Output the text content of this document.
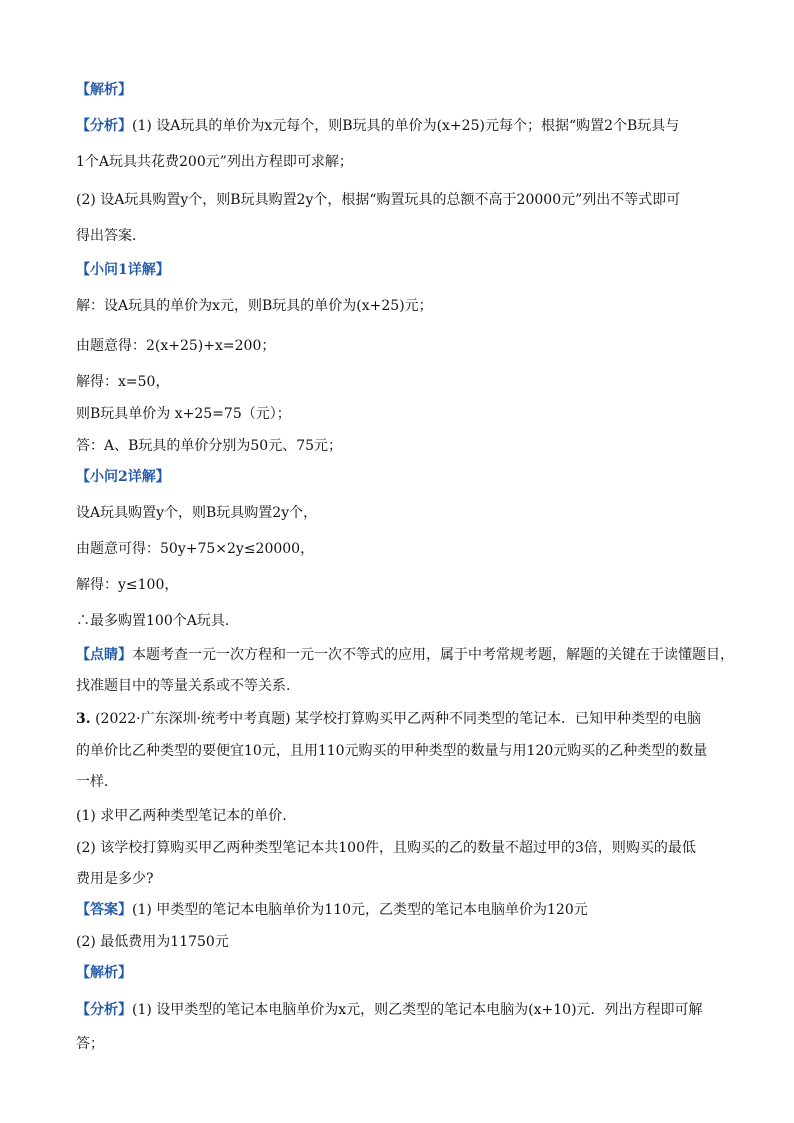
【解析】
【分析】(1) 设A玩具的单价为x元每个，则B玩具的单价为(x+25)元每个；根据“购置2个B玩具与
1个A玩具共花费200元”列出方程即可求解；
(2) 设A玩具购置y个，则B玩具购置2y个，根据“购置玩具的总额不高于20000元”列出不等式即可
得出答案.
【小问1详解】
解：设A玩具的单价为x元，则B玩具的单价为(x+25)元；
由题意得：2(x+25)+x=200；
解得：x=50，
则B玩具单价为 x+25=75（元）；
答：A、B玩具的单价分别为50元、75元；
【小问2详解】
设A玩具购置y个，则B玩具购置2y个，
由题意可得：50y+75×2y≤20000，
解得：y≤100，
∴最多购置100个A玩具.
【点睛】本题考查一元一次方程和一元一次不等式的应用，属于中考常规考题，解题的关键在于读懂题目，
找准题目中的等量关系或不等关系.
3. (2022·广东深圳·统考中考真题) 某学校打算购买甲乙两种不同类型的笔记本．已知甲种类型的电脑
的单价比乙种类型的要便宜10元，且用110元购买的甲种类型的数量与用120元购买的乙种类型的数量
一样．
(1) 求甲乙两种类型笔记本的单价.
(2) 该学校打算购买甲乙两种类型笔记本共100件，且购买的乙的数量不超过甲的3倍，则购买的最低
费用是多少?
【答案】(1) 甲类型的笔记本电脑单价为110元，乙类型的笔记本电脑单价为120元
(2) 最低费用为11750元
【解析】
【分析】(1) 设甲类型的笔记本电脑单价为x元，则乙类型的笔记本电脑为(x+10)元．列出方程即可解
答；
